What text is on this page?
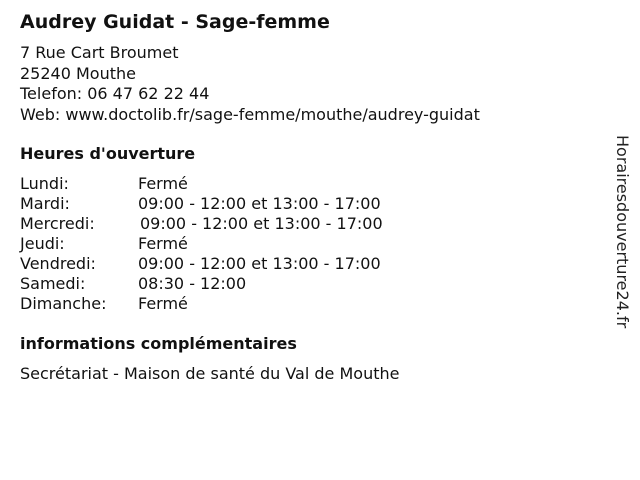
Audrey Guidat - Sage-femme
7 Rue Cart Broumet
25240 Mouthe
Telefon: 06 47 62 22 44
Web: www.doctolib.fr/sage-femme/mouthe/audrey-guidat
Heures d'ouverture
Lundi:	Fermé
Mardi:	09:00 - 12:00 et 13:00 - 17:00
Mercredi:	09:00 - 12:00 et 13:00 - 17:00
Jeudi:	Fermé
Vendredi:	09:00 - 12:00 et 13:00 - 17:00
Samedi:	08:30 - 12:00
Dimanche: Fermé
informations complémentaires
Secrétariat - Maison de santé du Val de Mouthe
Horairesdouverture24.fr
